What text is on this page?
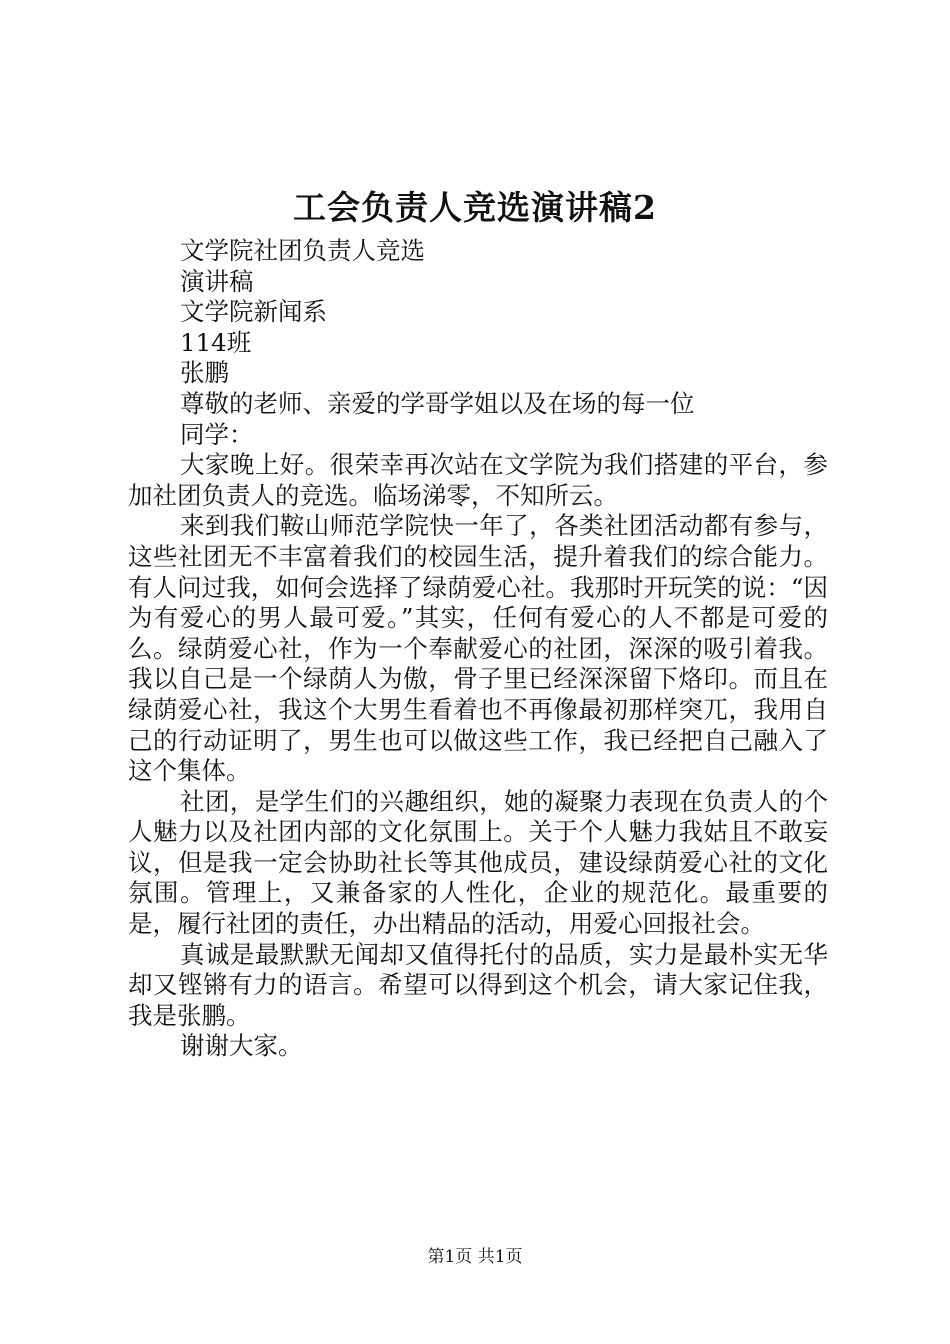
工会负责人竞选演讲稿2

文学院社团负责人竞选

演讲稿

文学院新闻系

114班

张鹏

尊敬的老师、亲爱的学哥学姐以及在场的每一位

同学：

大家晚上好。很荣幸再次站在文学院为我们搭建的平台，参加社团负责人的竞选。临场涕零，不知所云。

来到我们鞍山师范学院快一年了，各类社团活动都有参与，这些社团无不丰富着我们的校园生活，提升着我们的综合能力。有人问过我，如何会选择了绿荫爱心社。我那时开玩笑的说：“因为有爱心的男人最可爱。”其实，任何有爱心的人不都是可爱的么。绿荫爱心社，作为一个奉献爱心的社团，深深的吸引着我。我以自己是一个绿荫人为傲，骨子里已经深深留下烙印。而且在绿荫爱心社，我这个大男生看着也不再像最初那样突兀，我用自己的行动证明了，男生也可以做这些工作，我已经把自己融入了这个集体。

社团，是学生们的兴趣组织，她的凝聚力表现在负责人的个人魅力以及社团内部的文化氛围上。关于个人魅力我姑且不敢妄议，但是我一定会协助社长等其他成员，建设绿荫爱心社的文化氛围。管理上，又兼备家的人性化，企业的规范化。最重要的是，履行社团的责任，办出精品的活动，用爱心回报社会。

真诚是最默默无闻却又值得托付的品质，实力是最朴实无华却又铿锵有力的语言。希望可以得到这个机会，请大家记住我，我是张鹏。

谢谢大家。

第1页 共1页
